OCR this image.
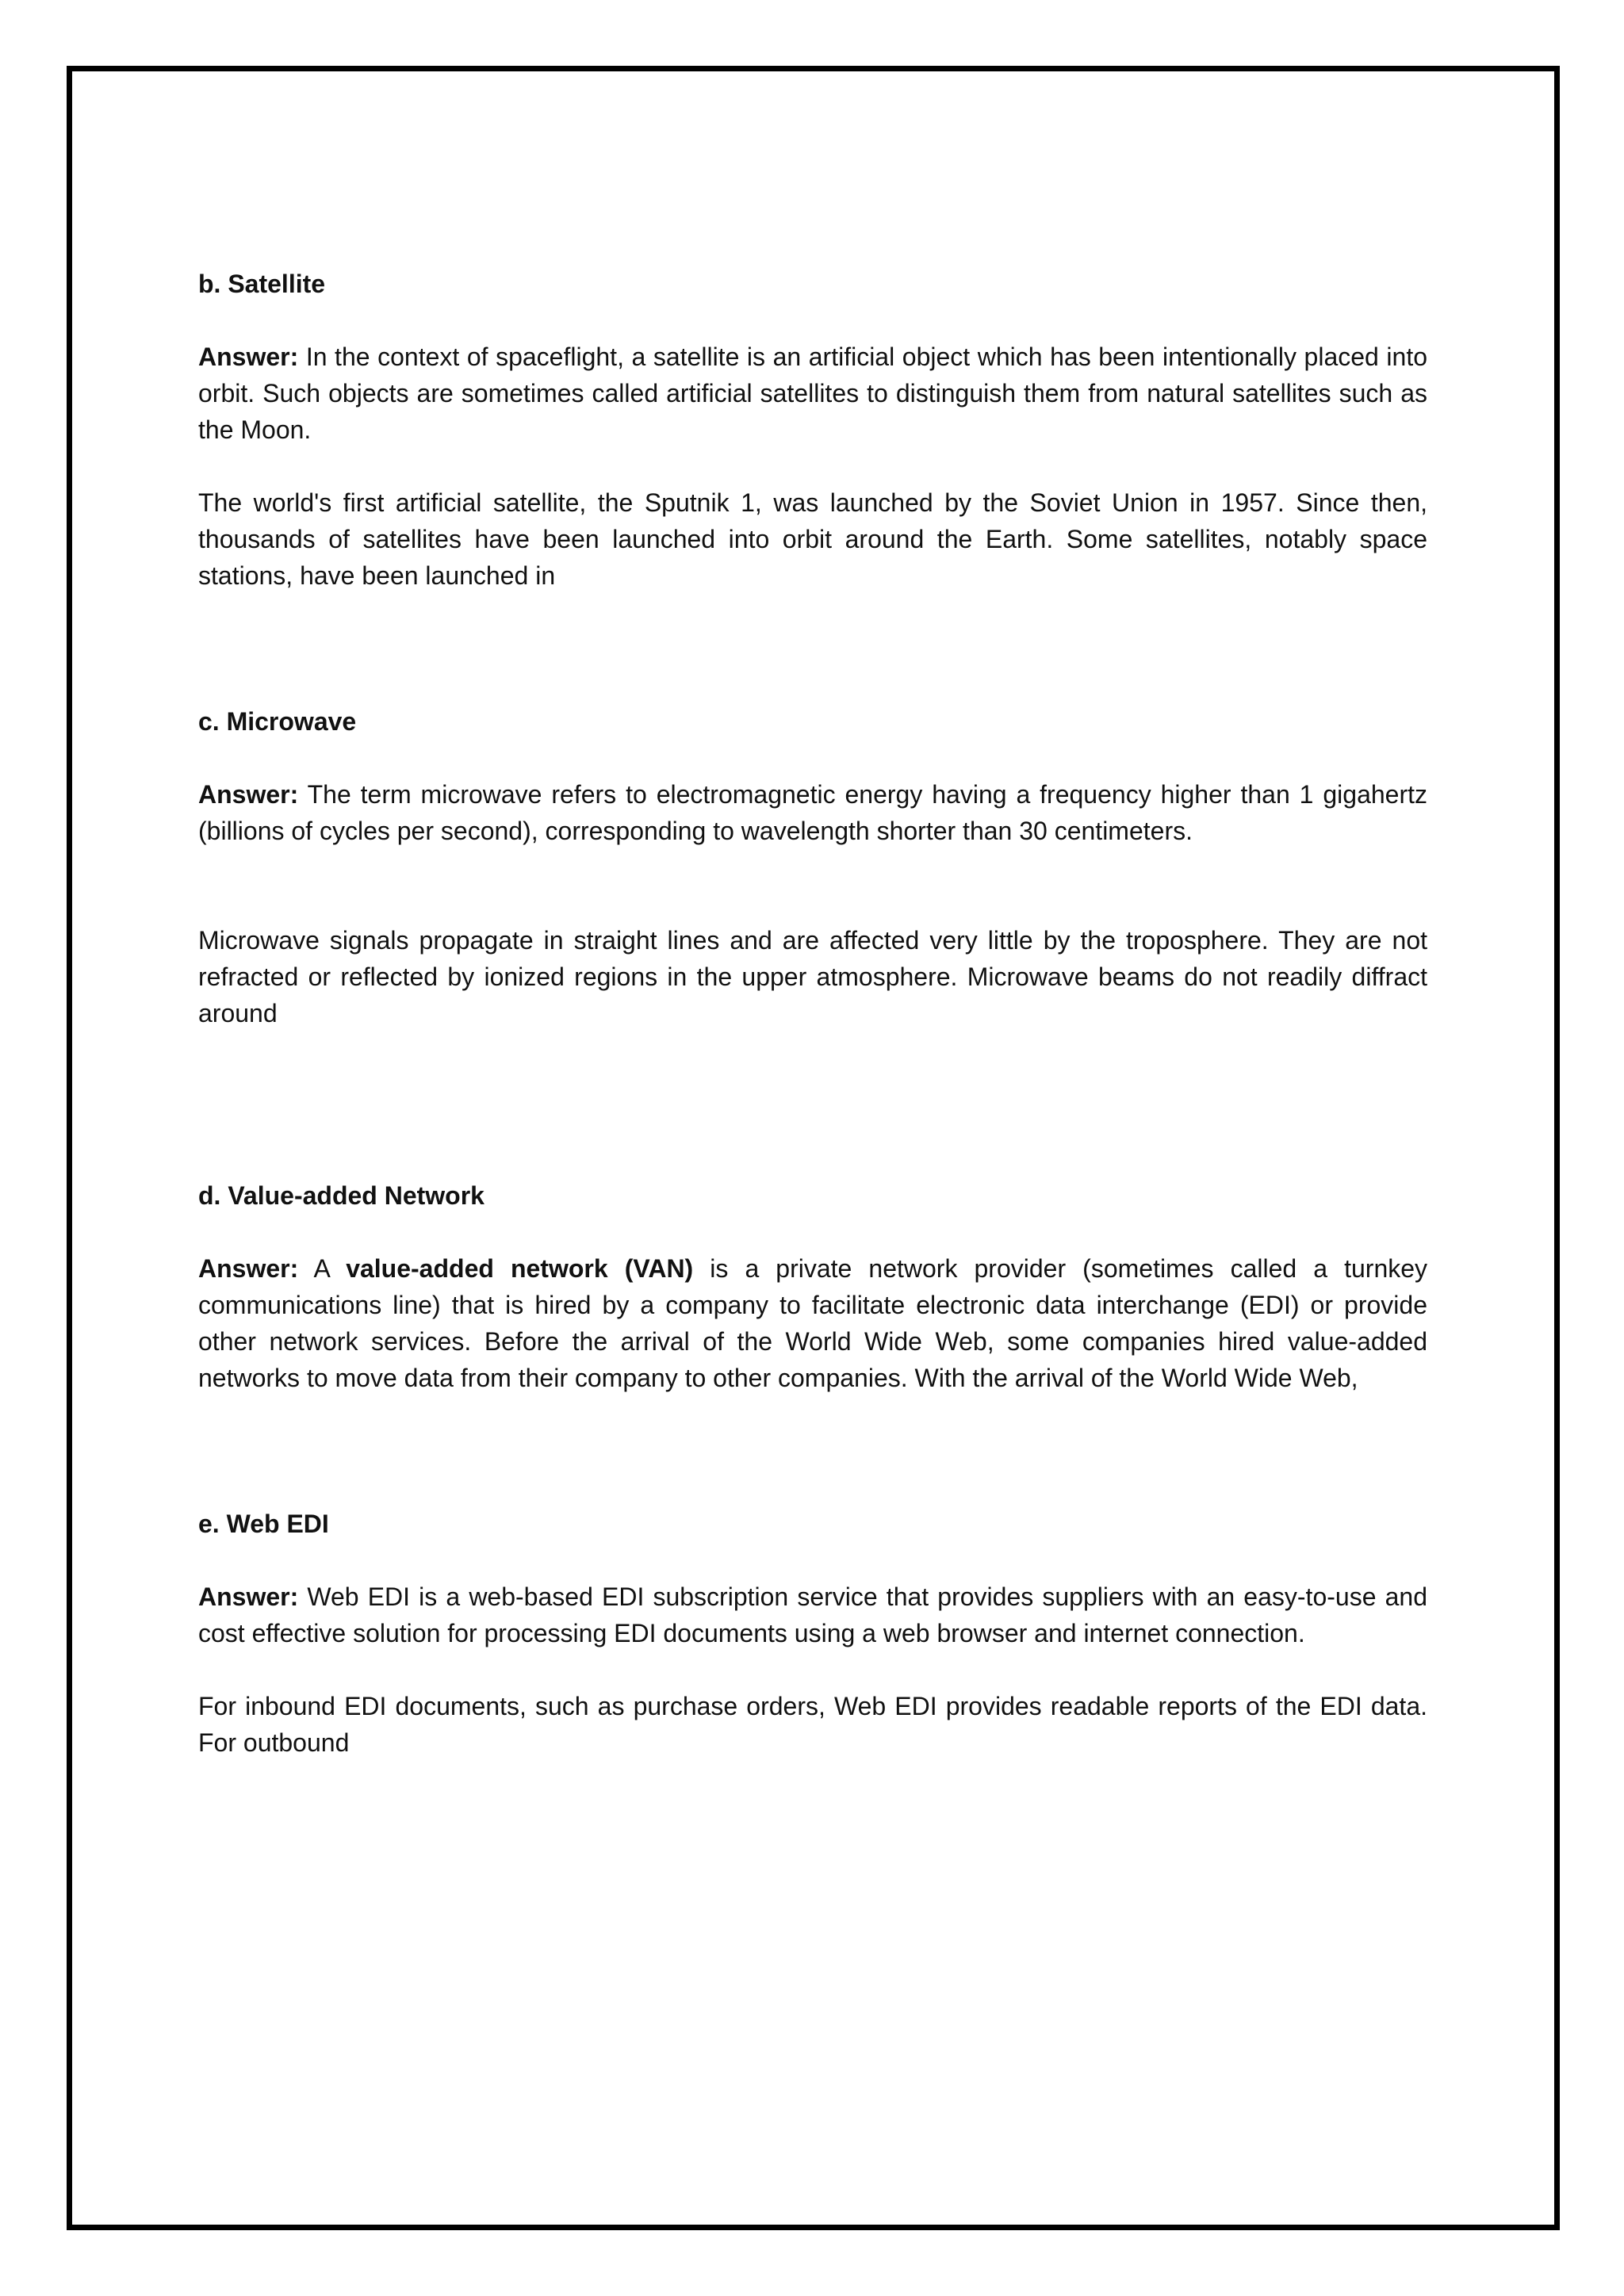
b. Satellite

Answer: In the context of spaceflight, a satellite is an artificial object which has been intentionally placed into orbit. Such objects are sometimes called artificial satellites to distinguish them from natural satellites such as the Moon.

The world's first artificial satellite, the Sputnik 1, was launched by the Soviet Union in 1957. Since then, thousands of satellites have been launched into orbit around the Earth. Some satellites, notably space stations, have been launched in

c. Microwave

Answer: The term microwave refers to electromagnetic energy having a frequency higher than 1 gigahertz (billions of cycles per second), corresponding to wavelength shorter than 30 centimeters.

Microwave signals propagate in straight lines and are affected very little by the troposphere. They are not refracted or reflected by ionized regions in the upper atmosphere. Microwave beams do not readily diffract around

d. Value-added Network

Answer: A value-added network (VAN) is a private network provider (sometimes called a turnkey communications line) that is hired by a company to facilitate electronic data interchange (EDI) or provide other network services. Before the arrival of the World Wide Web, some companies hired value-added networks to move data from their company to other companies. With the arrival of the World Wide Web,

e. Web EDI

Answer: Web EDI is a web-based EDI subscription service that provides suppliers with an easy-to-use and cost effective solution for processing EDI documents using a web browser and internet connection.

For inbound EDI documents, such as purchase orders, Web EDI provides readable reports of the EDI data. For outbound
